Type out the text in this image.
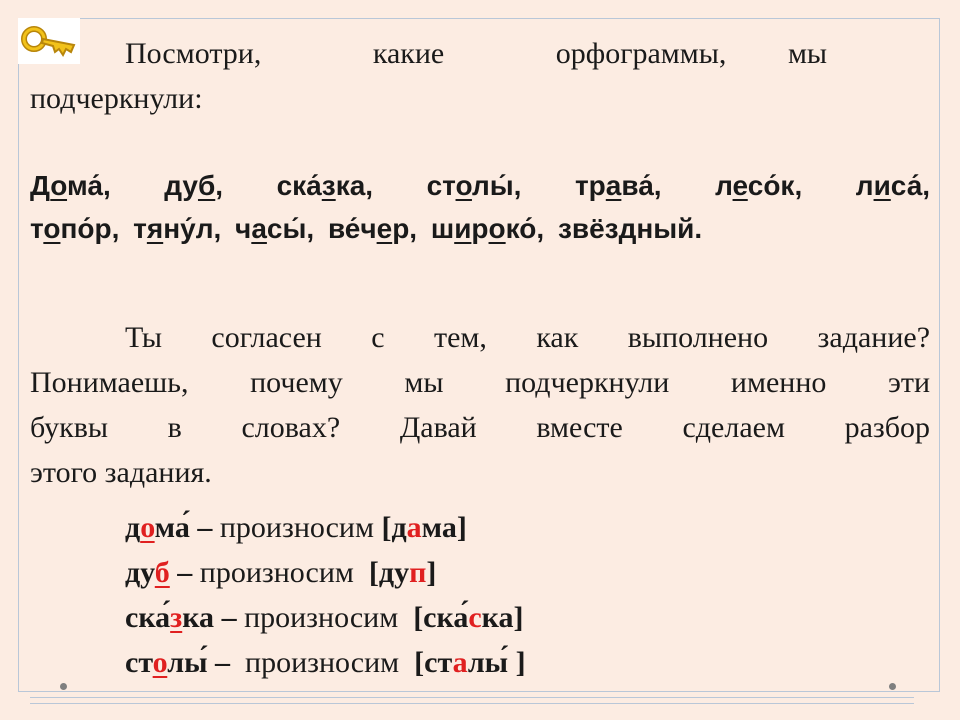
Посмотри,	какие	орфограммы, мы
подчеркнули:

Дома́, дуб, ска́зка, столы́, трава́, лесо́к, лиса́,

топо́р, тяну́л, часы́, ве́чер, широко́, звёздный.

Ты согласен с тем, как выполнено задание?

Понимаешь, почему мы подчеркнули именно эти

буквы в словах? Давай вместе сделаем разбор

этого задания.

дома́ – произносим [дама]
дуб – произносим  [дуп]
ска́зка – произносим  [ска́ска]
столы́ –  произносим  [сталы́ ]
